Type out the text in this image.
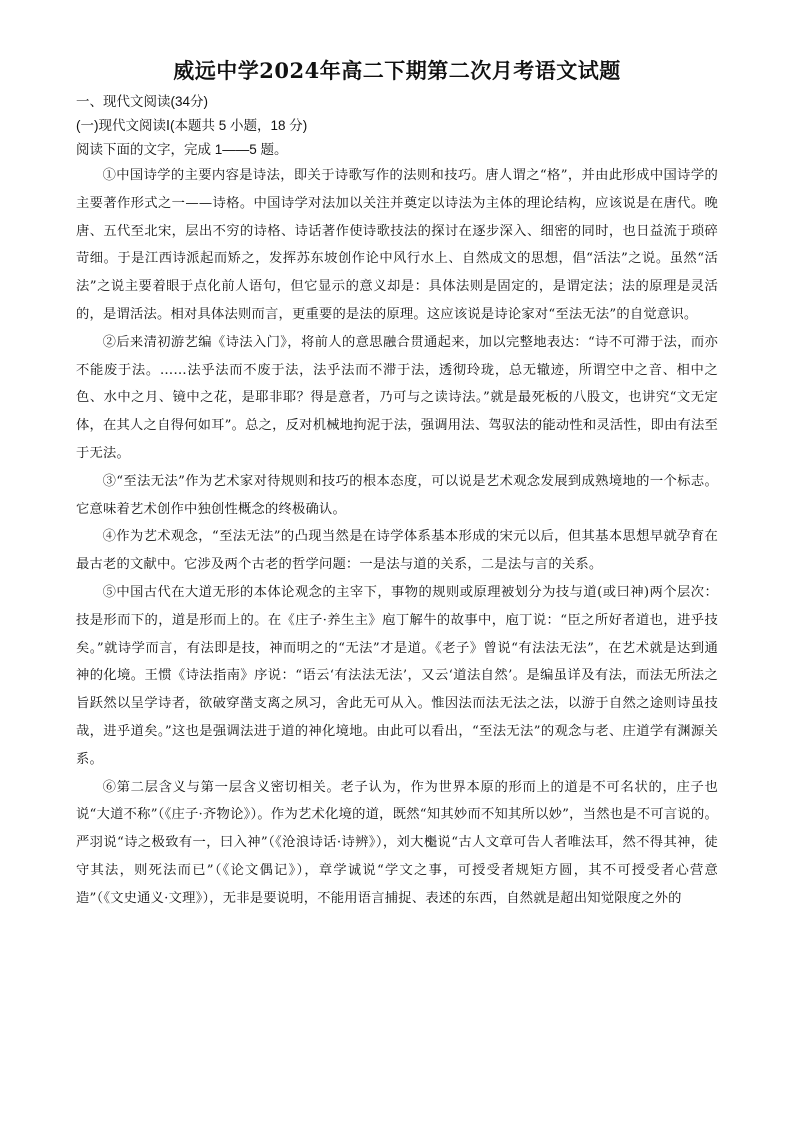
威远中学2024年高二下期第二次月考语文试题

一、现代文阅读(34分)

(一)现代文阅读Ⅰ(本题共 5 小题，18 分)

阅读下面的文字，完成 1——5 题。

①中国诗学的主要内容是诗法，即关于诗歌写作的法则和技巧。唐人谓之“格”，并由此形成中国诗学的主要著作形式之一——诗格。中国诗学对法加以关注并奠定以诗法为主体的理论结构，应该说是在唐代。晚唐、五代至北宋，层出不穷的诗格、诗话著作使诗歌技法的探讨在逐步深入、细密的同时，也日益流于琐碎苛细。于是江西诗派起而矫之，发挥苏东坡创作论中风行水上、自然成文的思想，倡“活法”之说。虽然“活法”之说主要着眼于点化前人语句，但它显示的意义却是：具体法则是固定的，是谓定法；法的原理是灵活的，是谓活法。相对具体法则而言，更重要的是法的原理。这应该说是诗论家对“至法无法”的自觉意识。

②后来清初游艺编《诗法入门》，将前人的意思融合贯通起来，加以完整地表达：“诗不可滞于法，而亦不能废于法。……法乎法而不废于法，法乎法而不滞于法，透彻玲珑，总无辙迹，所谓空中之音、相中之色、水中之月、镜中之花，是耶非耶？得是意者，乃可与之读诗法。”就是最死板的八股文，也讲究“文无定体，在其人之自得何如耳”。总之，反对机械地拘泥于法，强调用法、驾驭法的能动性和灵活性，即由有法至于无法。

③“至法无法”作为艺术家对待规则和技巧的根本态度，可以说是艺术观念发展到成熟境地的一个标志。它意味着艺术创作中独创性概念的终极确认。

④作为艺术观念，“至法无法”的凸现当然是在诗学体系基本形成的宋元以后，但其基本思想早就孕育在最古老的文献中。它涉及两个古老的哲学问题：一是法与道的关系，二是法与言的关系。

⑤中国古代在大道无形的本体论观念的主宰下，事物的规则或原理被划分为技与道(或曰神)两个层次：技是形而下的，道是形而上的。在《庄子·养生主》庖丁解牛的故事中，庖丁说：“臣之所好者道也，进乎技矣。”就诗学而言，有法即是技，神而明之的“无法”才是道。《老子》曾说“有法法无法”，在艺术就是达到通神的化境。王惯《诗法指南》序说：“语云‘有法法无法’，又云‘道法自然’。是编虽详及有法，而法无所法之旨跃然以呈学诗者，欲破穿凿支离之夙习，舍此无可从入。惟因法而法无法之法，以游于自然之途则诗虽技哉，进乎道矣。”这也是强调法进于道的神化境地。由此可以看出，“至法无法”的观念与老、庄道学有渊源关系。

⑥第二层含义与第一层含义密切相关。老子认为，作为世界本原的形而上的道是不可名状的，庄子也说“大道不称”（《庄子·齐物论》）。作为艺术化境的道，既然“知其妙而不知其所以妙”，当然也是不可言说的。严羽说“诗之极致有一，曰入神”（《沧浪诗话·诗辨》），刘大櫆说“古人文章可告人者唯法耳，然不得其神，徒守其法，则死法而已”（《论文偶记》），章学诚说“学文之事，可授受者规矩方圆，其不可授受者心营意造”（《文史通义·文理》），无非是要说明，不能用语言捕捉、表述的东西，自然就是超出知觉限度之外的
